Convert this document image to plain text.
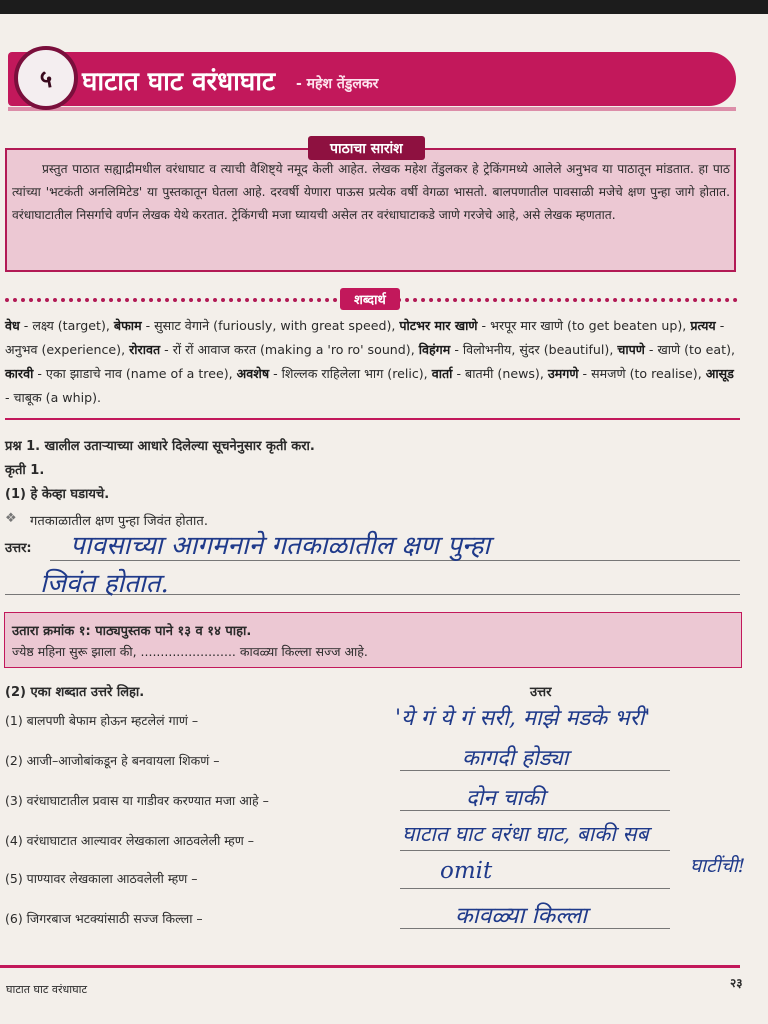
५	घाटात घाट वरंधाघाट - महेश तेंडुलकर
पाठाचा सारांश
प्रस्तुत पाठात सह्याद्रीमधील वरंधाघाट व त्याची वैशिष्ट्ये नमूद केली आहेत. लेखक महेश तेंडुलकर हे ट्रेकिंगमध्ये आलेले अनुभव या पाठातून मांडतात. हा पाठ त्यांच्या 'भटकंती अनलिमिटेड' या पुस्तकातून घेतला आहे. दरवर्षी येणारा पाऊस प्रत्येक वर्षी वेगळा भासतो. बालपणातील पावसाळी मजेचे क्षण पुन्हा जागे होतात. वरंधाघाटातील निसर्गाचे वर्णन लेखक येथे करतात. ट्रेकिंगची मजा घ्यायची असेल तर वरंधाघाटाकडे जाणे गरजेचे आहे, असे लेखक म्हणतात.
शब्दार्थ
वेध - लक्ष्य (target), बेफाम - सुसाट वेगाने (furiously, with great speed), पोटभर मार खाणे - भरपूर मार खाणे (to get beaten up), प्रत्यय - अनुभव (experience), रोरावत - रों रों आवाज करत (making a 'ro ro' sound), विहंगम - विलोभनीय, सुंदर (beautiful), चापणे - खाणे (to eat), कारवी - एका झाडाचे नाव (name of a tree), अवशेष - शिल्लक राहिलेला भाग (relic), वार्ता - बातमी (news), उमगणे - समजणे (to realise), आसूड - चाबूक (a whip).
प्रश्न 1. खालील उताऱ्याच्या आधारे दिलेल्या सूचनेनुसार कृती करा.
कृती 1.
(1) हे केव्हा घडायचे.
❖ गतकाळातील क्षण पुन्हा जिवंत होतात.
उत्तर: पावसाच्या आगमनाने गतकाळातील क्षण पुन्हा
जिवंत होतात.
उतारा क्रमांक १: पाठ्यपुस्तक पाने १३ व १४ पाहा.
ज्येष्ठ महिना सुरू झाला की, ........................ कावळ्या किल्ला सज्ज आहे.
(2) एका शब्दात उत्तरे लिहा.	उत्तर
(1) बालपणी बेफाम होऊन म्हटलेलं गाणं –	'ये गं ये गं सरी, माझे मडके भरी'
(2) आजी–आजोबांकडून हे बनवायला शिकणं –	कागदी होड्या
(3) वरंधाघाटातील प्रवास या गाडीवर करण्यात मजा आहे –	दोन चाकी
(4) वरंधाघाटात आल्यावर लेखकाला आठवलेली म्हण –	घाटात घाट वरंधा घाट, बाकी सब
घाटींची!
(5) पाण्यावर लेखकाला आठवलेली म्हण –	omit
(6) जिगरबाज भटक्यांसाठी सज्ज किल्ला –	कावळ्या किल्ला
घाटात घाट वरंधाघाट	२३
